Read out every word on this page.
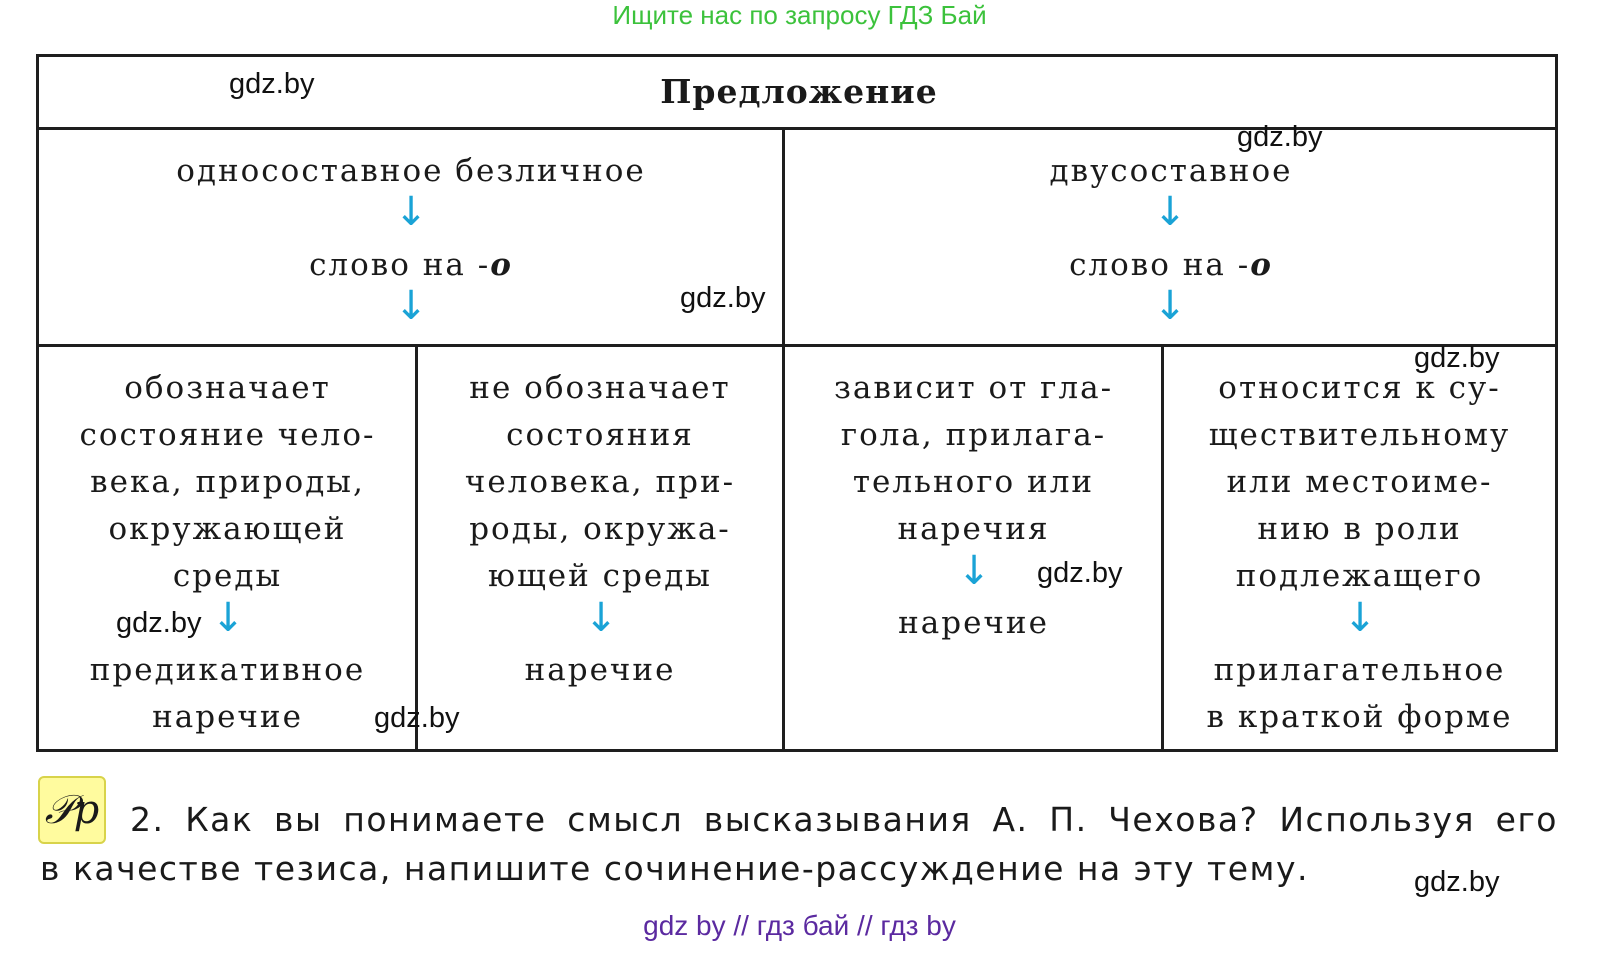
Ищите нас по запросу ГДЗ Бай
Предложение
односоставное безличное
↓
слово на -о
↓
двусоставное
↓
слово на -о
↓
обозначает
состояние чело-
века, природы,
окружающей
среды
↓
предикативное
наречие
не обозначает
состояния
человека, при-
роды, окружа-
ющей среды
↓
наречие
зависит от гла-
гола, прилага-
тельного или
наречия
↓
наречие
относится к су-
ществительному
или местоиме-
нию в роли
подлежащего
↓
прилагательное
в краткой форме
gdz.by
gdz.by
gdz.by
gdz.by
gdz.by
gdz.by
gdz.by
gdz.by
𝒫p 2. Как вы понимаете смысл высказывания А. П. Чехова? Используя его
в качестве тезиса, напишите сочинение-рассуждение на эту тему.
gdz by // гдз бай // гдз by
